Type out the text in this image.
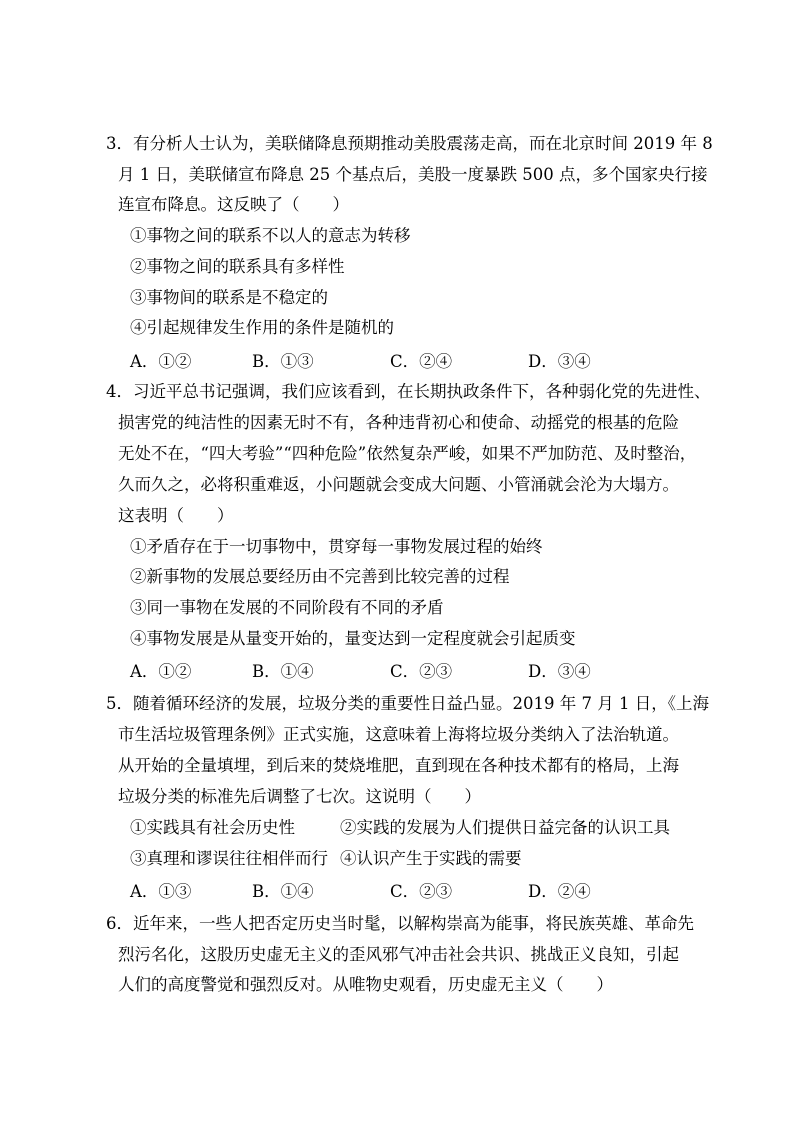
3．有分析人士认为，美联储降息预期推动美股震荡走高，而在北京时间 2019 年 8
月 1 日，美联储宣布降息 25 个基点后，美股一度暴跌 500 点，多个国家央行接
连宣布降息。这反映了（　　）
①事物之间的联系不以人的意志为转移
②事物之间的联系具有多样性
③事物间的联系是不稳定的
④引起规律发生作用的条件是随机的
A．①②	B．①③	C．②④	D．③④
4．习近平总书记强调，我们应该看到，在长期执政条件下，各种弱化党的先进性、
损害党的纯洁性的因素无时不有，各种违背初心和使命、动摇党的根基的危险
无处不在，“四大考验”“四种危险”依然复杂严峻，如果不严加防范、及时整治，
久而久之，必将积重难返，小问题就会变成大问题、小管涌就会沦为大塌方。
这表明（　　）
①矛盾存在于一切事物中，贯穿每一事物发展过程的始终
②新事物的发展总要经历由不完善到比较完善的过程
③同一事物在发展的不同阶段有不同的矛盾
④事物发展是从量变开始的，量变达到一定程度就会引起质变
A．①②	B．①④	C．②③	D．③④
5．随着循环经济的发展，垃圾分类的重要性日益凸显。2019 年 7 月 1 日，《上海
市生活垃圾管理条例》正式实施，这意味着上海将垃圾分类纳入了法治轨道。
从开始的全量填埋，到后来的焚烧堆肥，直到现在各种技术都有的格局，上海
垃圾分类的标准先后调整了七次。这说明（　　）
①实践具有社会历史性	②实践的发展为人们提供日益完备的认识工具
③真理和谬误往往相伴而行 ④认识产生于实践的需要
A．①③	B．①④	C．②③	D．②④
6．近年来，一些人把否定历史当时髦，以解构崇高为能事，将民族英雄、革命先
烈污名化，这股历史虚无主义的歪风邪气冲击社会共识、挑战正义良知，引起
人们的高度警觉和强烈反对。从唯物史观看，历史虚无主义（　　）
